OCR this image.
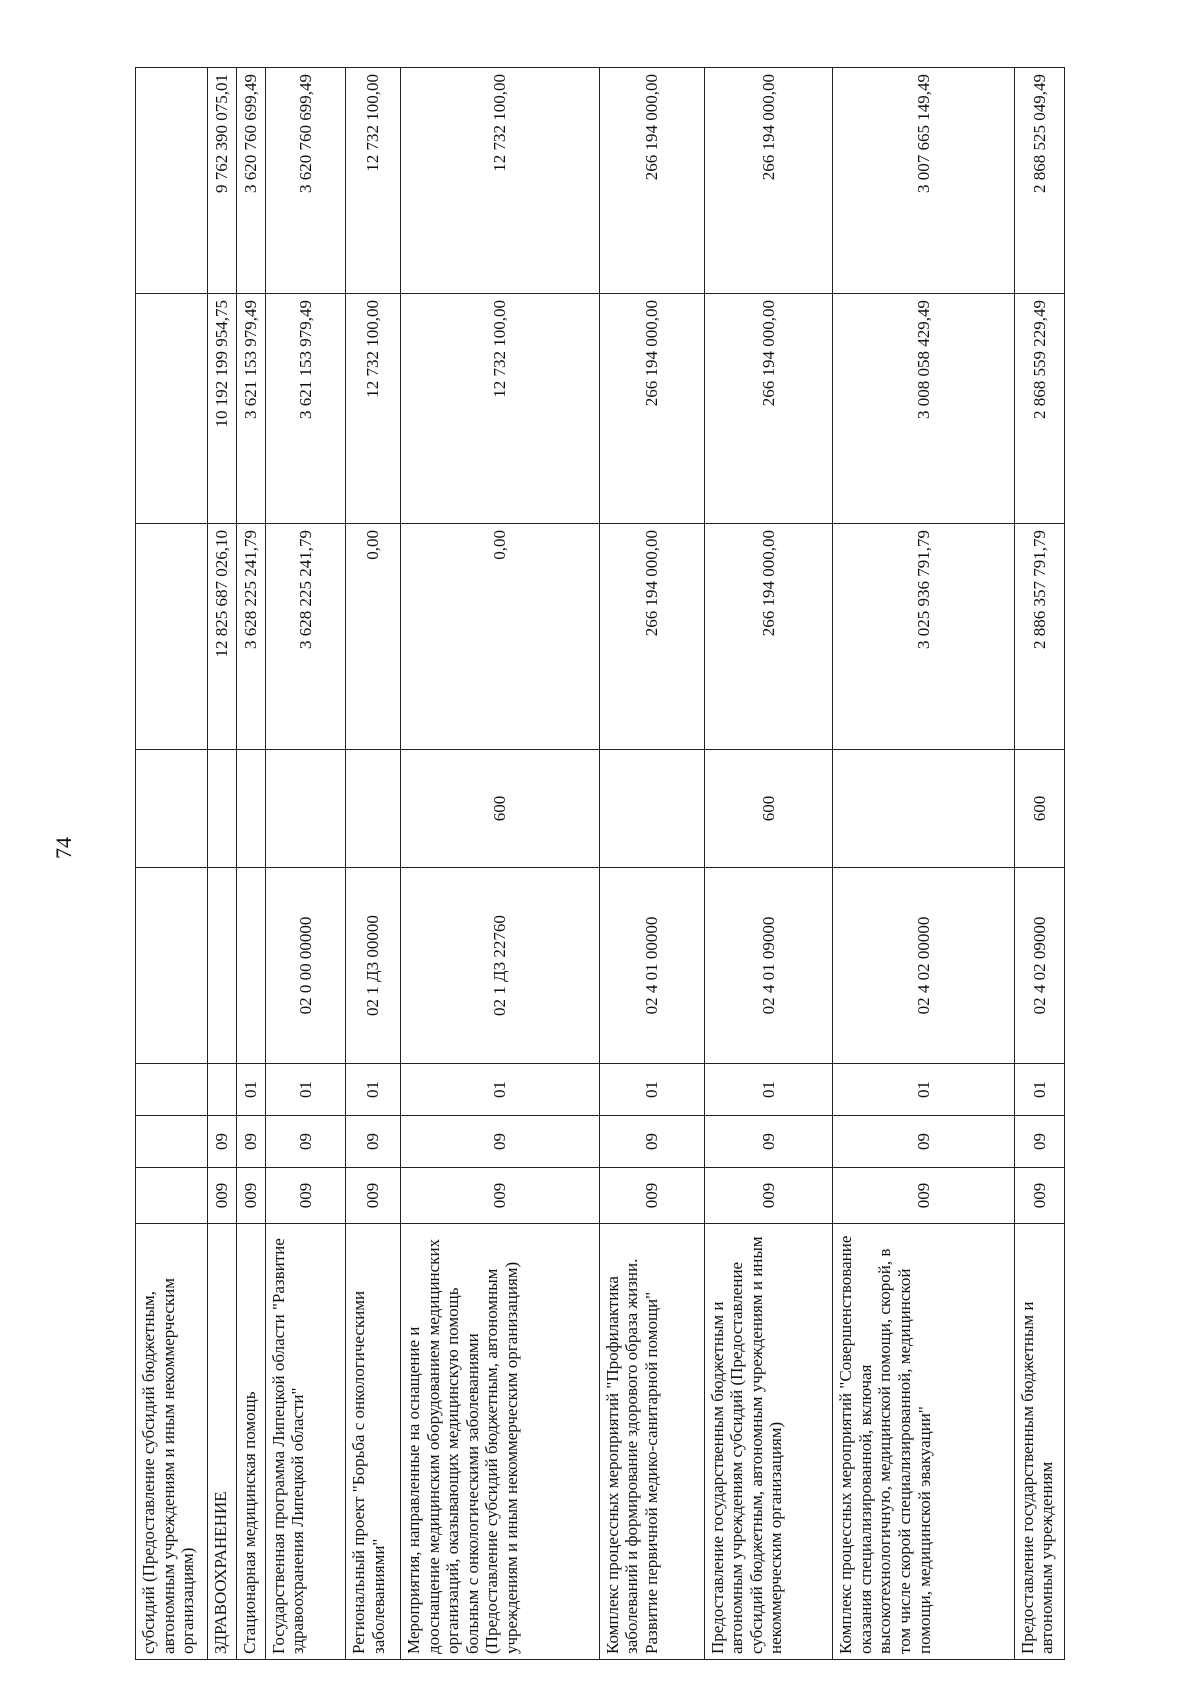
74
субсидий (Предоставление субсидий бюджетным, автономным учреждениям и иным некоммерческим организациям)								
ЗДРАВООХРАНЕНИЕ	009	09				12 825 687 026,10	10 192 199 954,75	9 762 390 075,01
Стационарная медицинская помощь	009	09	01			3 628 225 241,79	3 621 153 979,49	3 620 760 699,49
Государственная программа Липецкой области "Развитие здравоохранения Липецкой области"	009	09	01	02 0 00 00000		3 628 225 241,79	3 621 153 979,49	3 620 760 699,49
Региональный проект "Борьба с онкологическими заболеваниями"	009	09	01	02 1 Д3 00000		0,00	12 732 100,00	12 732 100,00
Мероприятия, направленные на оснащение и дооснащение медицинским оборудованием медицинских организаций, оказывающих медицинскую помощь больным с онкологическими заболеваниями (Предоставление субсидий бюджетным, автономным учреждениям и иным некоммерческим организациям)	009	09	01	02 1 Д3 22760	600	0,00	12 732 100,00	12 732 100,00
Комплекс процессных мероприятий "Профилактика заболеваний и формирование здорового образа жизни. Развитие первичной медико-санитарной помощи"	009	09	01	02 4 01 00000		266 194 000,00	266 194 000,00	266 194 000,00
Предоставление государственным бюджетным и автономным учреждениям субсидий (Предоставление субсидий бюджетным, автономным учреждениям и иным некоммерческим организациям)	009	09	01	02 4 01 09000	600	266 194 000,00	266 194 000,00	266 194 000,00
Комплекс процессных мероприятий "Совершенствование оказания специализированной, включая высокотехнологичную, медицинской помощи, скорой, в том числе скорой специализированной, медицинской помощи, медицинской эвакуации"	009	09	01	02 4 02 00000		3 025 936 791,79	3 008 058 429,49	3 007 665 149,49
Предоставление государственным бюджетным и автономным учреждениям	009	09	01	02 4 02 09000	600	2 886 357 791,79	2 868 559 229,49	2 868 525 049,49
